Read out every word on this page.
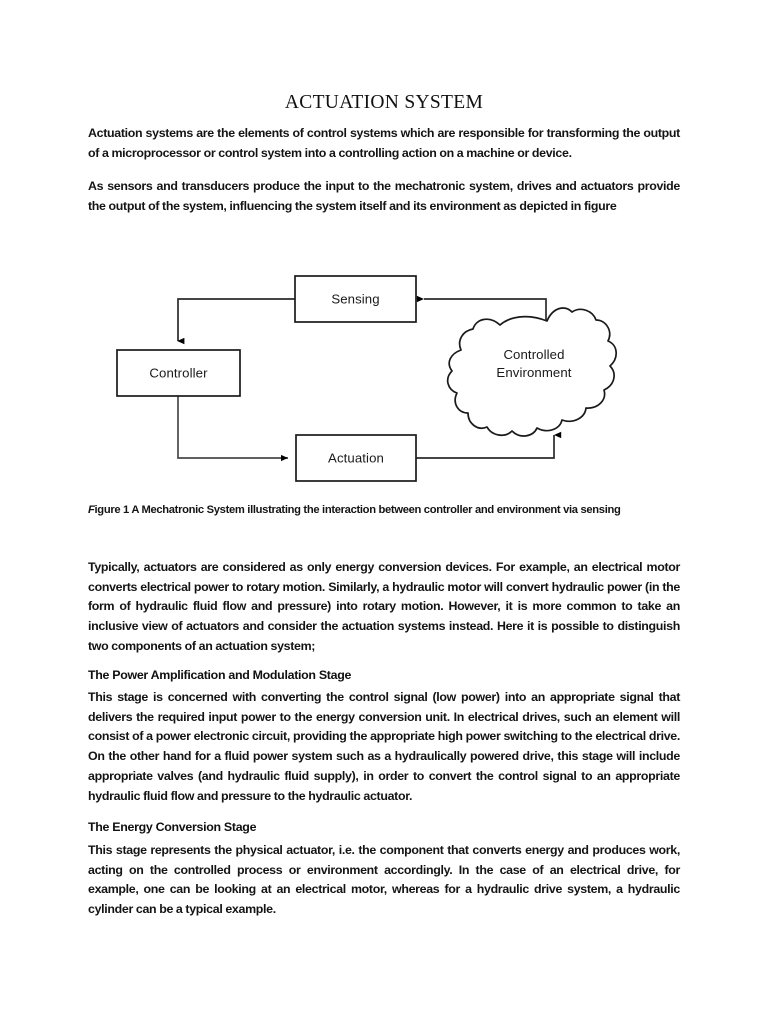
ACTUATION SYSTEM
Actuation systems are the elements of control systems which are responsible for transforming the output of a microprocessor or control system into a controlling action on a machine or device.
As sensors and transducers produce the input to the mechatronic system, drives and actuators provide the output of the system, influencing the system itself and its environment as depicted in figure
Figure 1 A Mechatronic System illustrating the interaction between controller and environment via sensing
Typically, actuators are considered as only energy conversion devices. For example, an electrical motor converts electrical power to rotary motion. Similarly, a hydraulic motor will convert hydraulic power (in the form of hydraulic fluid flow and pressure) into rotary motion. However, it is more common to take an inclusive view of actuators and consider the actuation systems instead. Here it is possible to distinguish two components of an actuation system;
The Power Amplification and Modulation Stage
This stage is concerned with converting the control signal (low power) into an appropriate signal that delivers the required input power to the energy conversion unit. In electrical drives, such an element will consist of a power electronic circuit, providing the appropriate high power switching to the electrical drive. On the other hand for a fluid power system such as a hydraulically powered drive, this stage will include appropriate valves (and hydraulic fluid supply), in order to convert the control signal to an appropriate hydraulic fluid flow and pressure to the hydraulic actuator.
The Energy Conversion Stage
This stage represents the physical actuator, i.e. the component that converts energy and produces work, acting on the controlled process or environment accordingly. In the case of an electrical drive, for example, one can be looking at an electrical motor, whereas for a hydraulic drive system, a hydraulic cylinder can be a typical example.
Sensing
Controller
Actuation
Controlled
Environment
